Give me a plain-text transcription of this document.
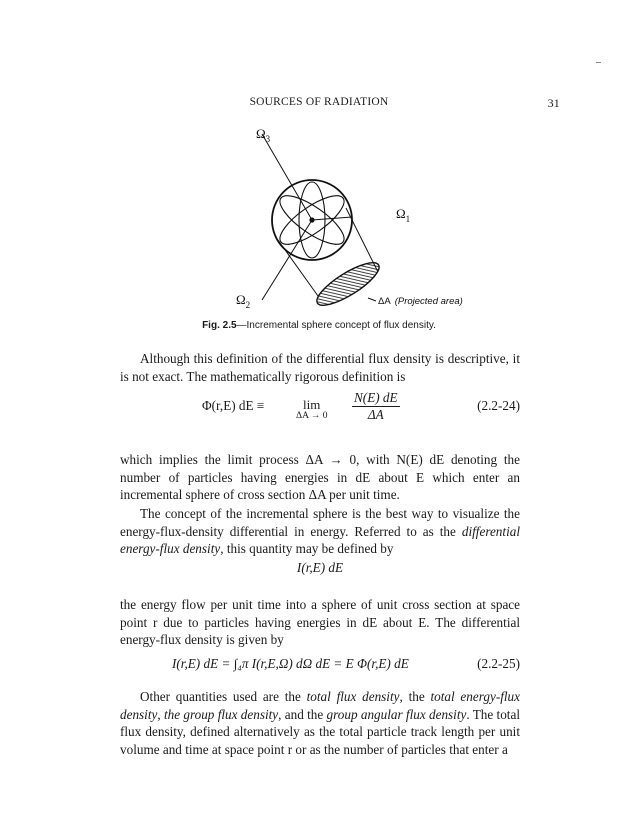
SOURCES OF RADIATION	31
$\Omega_3$
$\Omega_1$
$\Omega_2$	ΔA (Projected area)
Fig. 2.5—Incremental sphere concept of flux density.
Although this definition of the differential flux density is descriptive, it is not exact. The mathematically rigorous definition is
Φ(r,E) dE ≡	lim
$\Delta A \to 0 \frac{N(E) dE}{\Delta A}$	(2.2-24)
which implies the limit process ΔA → 0, with N(E) dE denoting the number of particles having energies in dE about E which enter an incremental sphere of cross section ΔA per unit time.
The concept of the incremental sphere is the best way to visualize the energy-flux-density differential in energy. Referred to as the differential energy-flux density, this quantity may be defined by
I(r,E) dE
the energy flow per unit time into a sphere of unit cross section at space point r due to particles having energies in dE about E. The differential energy-flux density is given by
I(r,E) dE = ∫₄π I(r,E,Ω) dΩ dE = E Φ(r,E) dE	(2.2-25)
Other quantities used are the total flux density, the total energy-flux density, the group flux density, and the group angular flux density. The total flux density, defined alternatively as the total particle track length per unit volume and time at space point r or as the number of particles that enter a
